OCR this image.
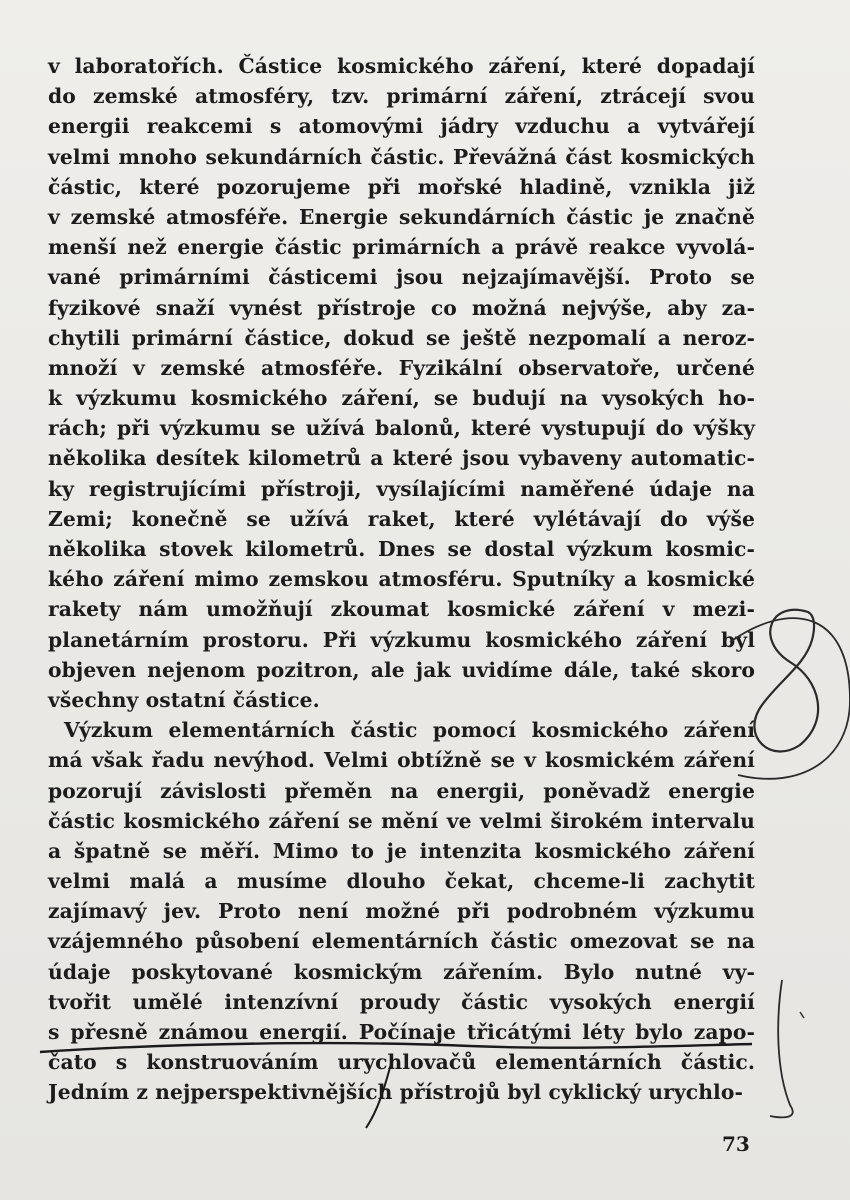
v laboratořích. Částice kosmického záření, které dopadají
do zemské atmosféry, tzv. primární záření, ztrácejí svou
energii reakcemi s atomovými jádry vzduchu a vytvářejí
velmi mnoho sekundárních částic. Převážná část kosmických
částic, které pozorujeme při mořské hladině, vznikla již
v zemské atmosféře. Energie sekundárních částic je značně
menší než energie částic primárních a právě reakce vyvolá-
vané primárními částicemi jsou nejzajímavější. Proto se
fyzikové snaží vynést přístroje co možná nejvýše, aby za-
chytili primární částice, dokud se ještě nezpomalí a neroz-
množí v zemské atmosféře. Fyzikální observatoře, určené
k výzkumu kosmického záření, se budují na vysokých ho-
rách; při výzkumu se užívá balonů, které vystupují do výšky
několika desítek kilometrů a které jsou vybaveny automatic-
ky registrujícími přístroji, vysílajícími naměřené údaje na
Zemi; konečně se užívá raket, které vylétávají do výše
několika stovek kilometrů. Dnes se dostal výzkum kosmic-
kého záření mimo zemskou atmosféru. Sputníky a kosmické
rakety nám umožňují zkoumat kosmické záření v mezi-
planetárním prostoru. Při výzkumu kosmického záření byl
objeven nejenom pozitron, ale jak uvidíme dále, také skoro
všechny ostatní částice.
Výzkum elementárních částic pomocí kosmického záření
má však řadu nevýhod. Velmi obtížně se v kosmickém záření
pozorují závislosti přeměn na energii, poněvadž energie
částic kosmického záření se mění ve velmi širokém intervalu
a špatně se měří. Mimo to je intenzita kosmického záření
velmi malá a musíme dlouho čekat, chceme-li zachytit
zajímavý jev. Proto není možné při podrobném výzkumu
vzájemného působení elementárních částic omezovat se na
údaje poskytované kosmickým zářením. Bylo nutné vy-
tvořit umělé intenzívní proudy částic vysokých energií
s přesně známou energií. Počínaje třicátými léty bylo zapo-
čato s konstruováním urychlovačů elementárních částic.
Jedním z nejperspektivnějších přístrojů byl cyklický urychlo-
73
